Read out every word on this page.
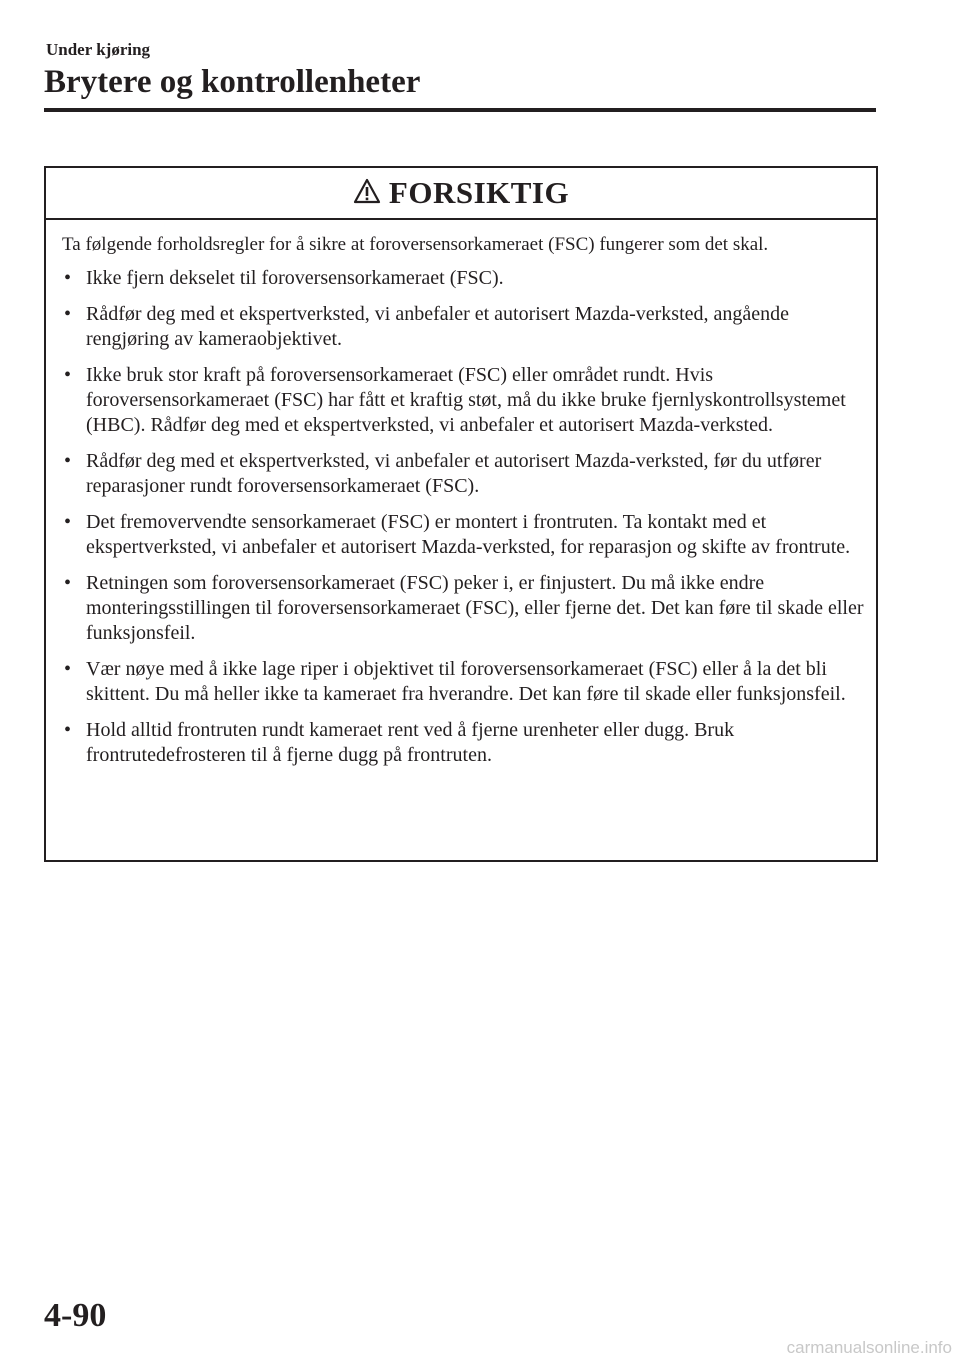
Under kjøring
Brytere og kontrollenheter
FORSIKTIG

Ta følgende forholdsregler for å sikre at foroversensorkameraet (FSC) fungerer som det skal.

• Ikke fjern dekselet til foroversensorkameraet (FSC).
• Rådfør deg med et ekspertverksted, vi anbefaler et autorisert Mazda-verksted, angående rengjøring av kameraobjektivet.
• Ikke bruk stor kraft på foroversensorkameraet (FSC) eller området rundt. Hvis foroversensorkameraet (FSC) har fått et kraftig støt, må du ikke bruke fjernlyskontrollsystemet (HBC). Rådfør deg med et ekspertverksted, vi anbefaler et autorisert Mazda-verksted.
• Rådfør deg med et ekspertverksted, vi anbefaler et autorisert Mazda-verksted, før du utfører reparasjoner rundt foroversensorkameraet (FSC).
• Det fremovervendte sensorkameraet (FSC) er montert i frontruten. Ta kontakt med et ekspertverksted, vi anbefaler et autorisert Mazda-verksted, for reparasjon og skifte av frontrute.
• Retningen som foroversensorkameraet (FSC) peker i, er finjustert. Du må ikke endre monteringsstillingen til foroversensorkameraet (FSC), eller fjerne det. Det kan føre til skade eller funksjonsfeil.
• Vær nøye med å ikke lage riper i objektivet til foroversensorkameraet (FSC) eller å la det bli skittent. Du må heller ikke ta kameraet fra hverandre. Det kan føre til skade eller funksjonsfeil.
• Hold alltid frontruten rundt kameraet rent ved å fjerne urenheter eller dugg. Bruk frontrutedefrosteren til å fjerne dugg på frontruten.
4-90
carmanualsonline.info
